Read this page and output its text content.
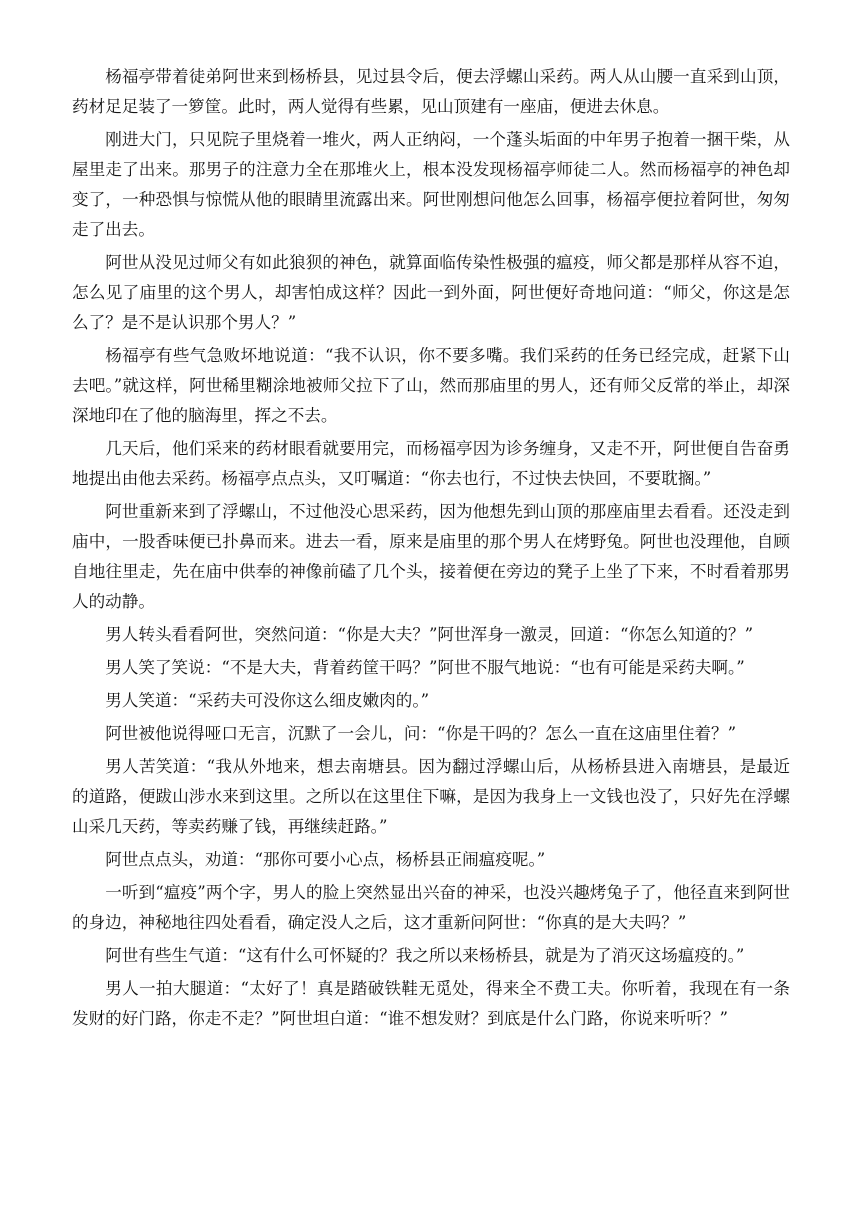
杨福亭带着徒弟阿世来到杨桥县，见过县令后，便去浮螺山采药。两人从山腰一直采到山顶，药材足足装了一箩筐。此时，两人觉得有些累，见山顶建有一座庙，便进去休息。

刚进大门，只见院子里烧着一堆火，两人正纳闷，一个蓬头垢面的中年男子抱着一捆干柴，从屋里走了出来。那男子的注意力全在那堆火上，根本没发现杨福亭师徒二人。然而杨福亭的神色却变了，一种恐惧与惊慌从他的眼睛里流露出来。阿世刚想问他怎么回事，杨福亭便拉着阿世，匆匆走了出去。

阿世从没见过师父有如此狼狈的神色，就算面临传染性极强的瘟疫，师父都是那样从容不迫，怎么见了庙里的这个男人，却害怕成这样？因此一到外面，阿世便好奇地问道：“师父，你这是怎么了？是不是认识那个男人？”

杨福亭有些气急败坏地说道：“我不认识，你不要多嘴。我们采药的任务已经完成，赶紧下山去吧。”就这样，阿世稀里糊涂地被师父拉下了山，然而那庙里的男人，还有师父反常的举止，却深深地印在了他的脑海里，挥之不去。

几天后，他们采来的药材眼看就要用完，而杨福亭因为诊务缠身，又走不开，阿世便自告奋勇地提出由他去采药。杨福亭点点头，又叮嘱道：“你去也行，不过快去快回，不要耽搁。”

阿世重新来到了浮螺山，不过他没心思采药，因为他想先到山顶的那座庙里去看看。还没走到庙中，一股香味便已扑鼻而来。进去一看，原来是庙里的那个男人在烤野兔。阿世也没理他，自顾自地往里走，先在庙中供奉的神像前磕了几个头，接着便在旁边的凳子上坐了下来，不时看着那男人的动静。

男人转头看看阿世，突然问道：“你是大夫？”阿世浑身一激灵，回道：“你怎么知道的？”

男人笑了笑说：“不是大夫，背着药筐干吗？”阿世不服气地说：“也有可能是采药夫啊。”

男人笑道：“采药夫可没你这么细皮嫩肉的。”

阿世被他说得哑口无言，沉默了一会儿，问：“你是干吗的？怎么一直在这庙里住着？”

男人苦笑道：“我从外地来，想去南塘县。因为翻过浮螺山后，从杨桥县进入南塘县，是最近的道路，便跋山涉水来到这里。之所以在这里住下嘛，是因为我身上一文钱也没了，只好先在浮螺山采几天药，等卖药赚了钱，再继续赶路。”

阿世点点头，劝道：“那你可要小心点，杨桥县正闹瘟疫呢。”

一听到“瘟疫”两个字，男人的脸上突然显出兴奋的神采，也没兴趣烤兔子了，他径直来到阿世的身边，神秘地往四处看看，确定没人之后，这才重新问阿世：“你真的是大夫吗？”

阿世有些生气道：“这有什么可怀疑的？我之所以来杨桥县，就是为了消灭这场瘟疫的。”

男人一拍大腿道：“太好了！真是踏破铁鞋无觅处，得来全不费工夫。你听着，我现在有一条发财的好门路，你走不走？”阿世坦白道：“谁不想发财？到底是什么门路，你说来听听？”
